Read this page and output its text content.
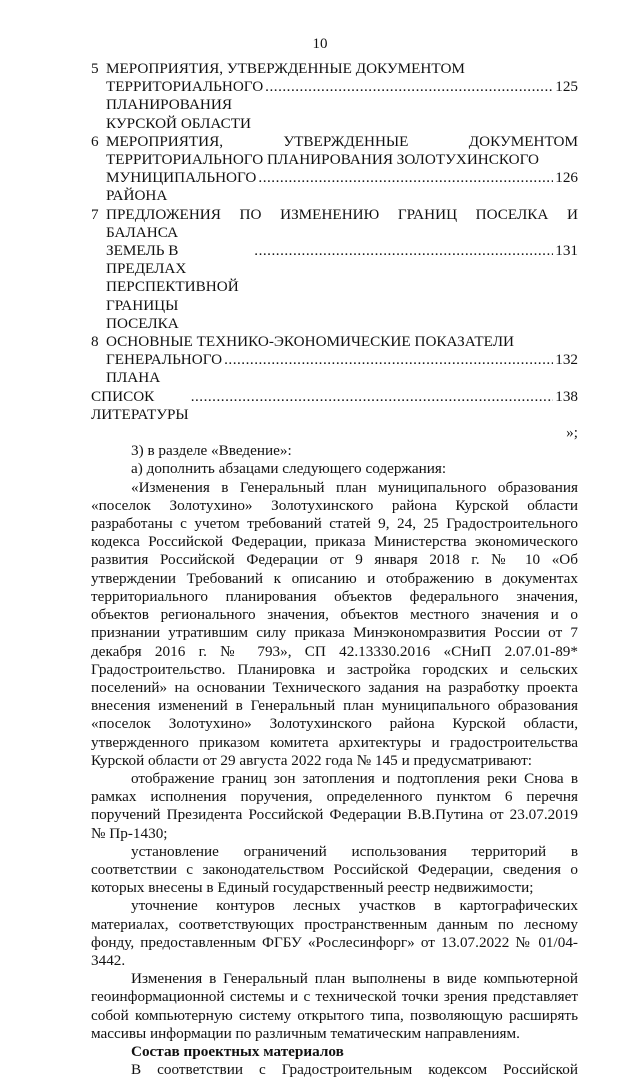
10
5 МЕРОПРИЯТИЯ, УТВЕРЖДЕННЫЕ ДОКУМЕНТОМ
ТЕРРИТОРИАЛЬНОГО ПЛАНИРОВАНИЯ КУРСКОЙ ОБЛАСТИ
.....
125
6 МЕРОПРИЯТИЯ, УТВЕРЖДЕННЫЕ ДОКУМЕНТОМ ТЕРРИТОРИАЛЬНОГО ПЛАНИРОВАНИЯ ЗОЛОТУХИНСКОГО
МУНИЦИПАЛЬНОГО РАЙОНА
.....
126
7 ПРЕДЛОЖЕНИЯ ПО ИЗМЕНЕНИЮ ГРАНИЦ ПОСЕЛКА И БАЛАНСА
ЗЕМЕЛЬ В ПРЕДЕЛАХ ПЕРСПЕКТИВНОЙ ГРАНИЦЫ ПОСЕЛКА
.....
131
8 ОСНОВНЫЕ ТЕХНИКО-ЭКОНОМИЧЕСКИЕ ПОКАЗАТЕЛИ
ГЕНЕРАЛЬНОГО ПЛАНА
.....
132
СПИСОК ЛИТЕРАТУРЫ
.....
138
»;

3) в разделе «Введение»:

а) дополнить абзацами следующего содержания:

«Изменения в Генеральный план муниципального образования «поселок Золотухино» Золотухинского района Курской области разработаны с учетом требований статей 9, 24, 25 Градостроительного кодекса Российской Федерации, приказа Министерства экономического развития Российской Федерации от 9 января 2018 г. № 10 «Об утверждении Требований к описанию и отображению в документах территориального планирования объектов федерального значения, объектов регионального значения, объектов местного значения и о признании утратившим силу приказа Минэкономразвития России от 7 декабря 2016 г. № 793», СП 42.13330.2016 «СНиП 2.07.01-89* Градостроительство. Планировка и застройка городских и сельских поселений» на основании Технического задания на разработку проекта внесения изменений в Генеральный план муниципального образования «поселок Золотухино» Золотухинского района Курской области, утвержденного приказом комитета архитектуры и градостроительства Курской области от 29 августа 2022 года № 145 и предусматривают:

отображение границ зон затопления и подтопления реки Снова в рамках исполнения поручения, определенного пунктом 6 перечня поручений Президента Российской Федерации В.В.Путина от 23.07.2019 № Пр-1430;

установление ограничений использования территорий в соответствии с законодательством Российской Федерации, сведения о которых внесены в Единый государственный реестр недвижимости;

уточнение контуров лесных участков в картографических материалах, соответствующих пространственным данным по лесному фонду, предоставленным ФГБУ «Рослесинфорг» от 13.07.2022 № 01/04-3442.

Изменения в Генеральный план выполнены в виде компьютерной геоинформационной системы и с технической точки зрения представляет собой компьютерную систему открытого типа, позволяющую расширять массивы информации по различным тематическим направлениям.

Состав проектных материалов

В соответствии с Градостроительным кодексом Российской
